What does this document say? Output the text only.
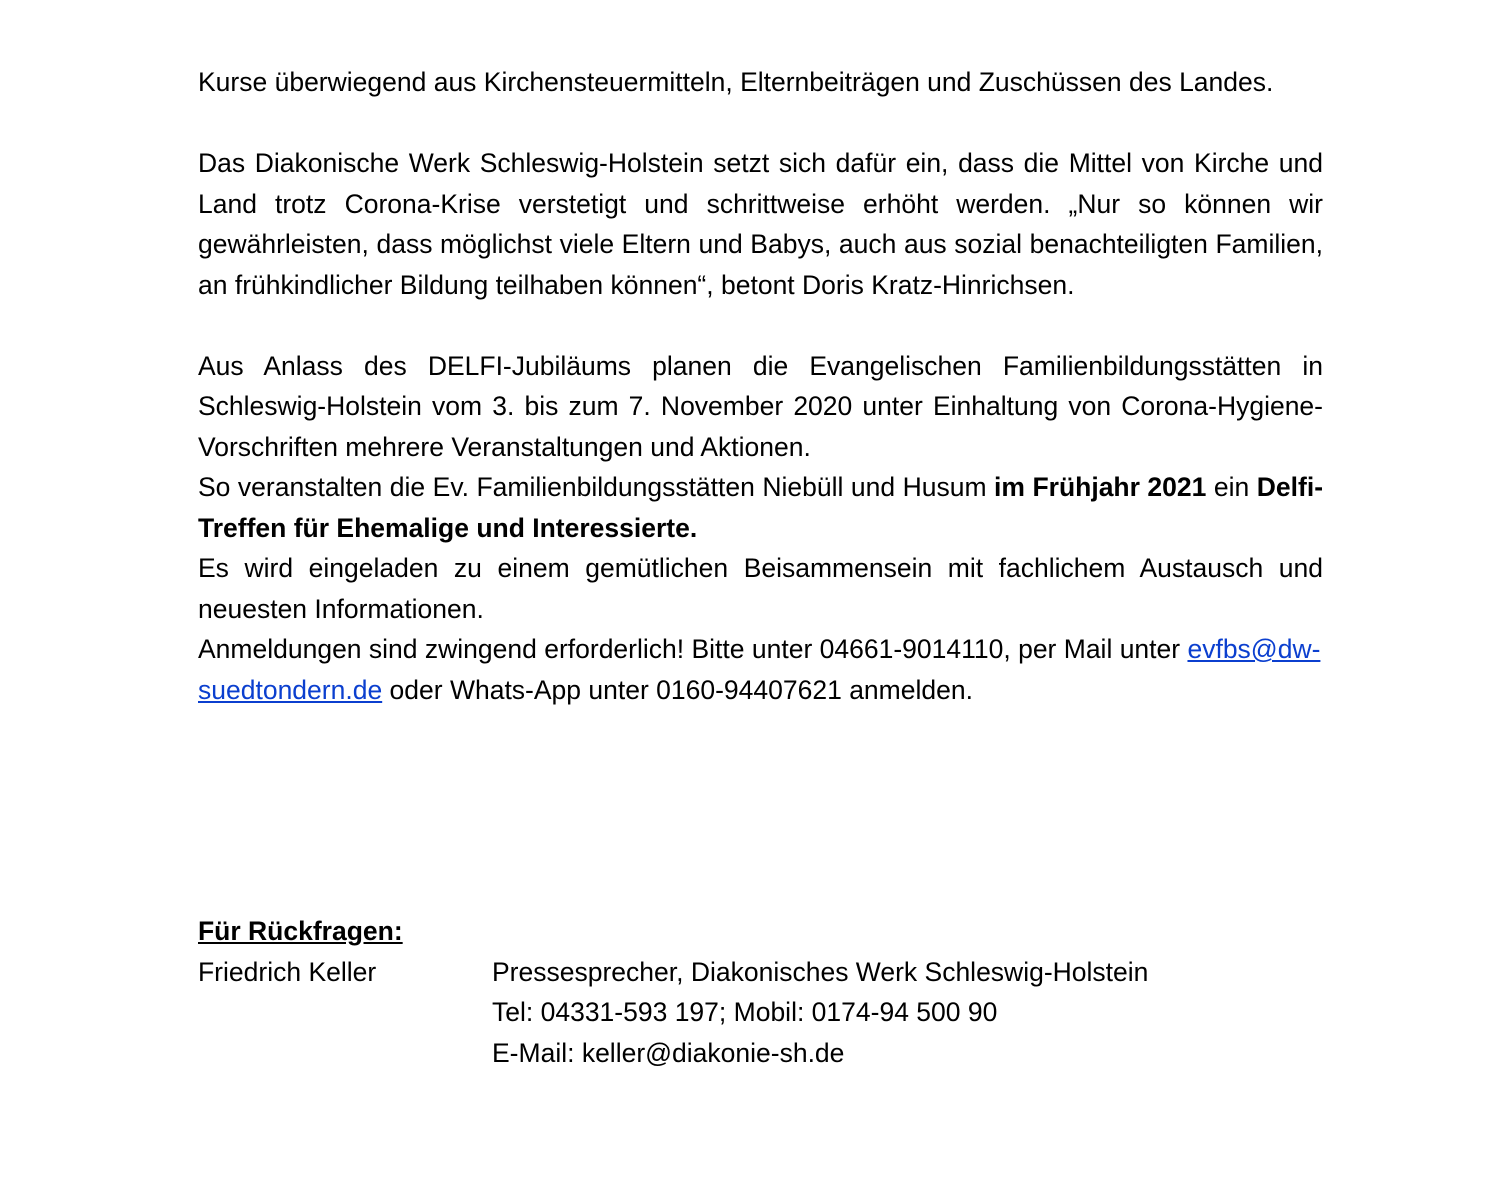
Kurse überwiegend aus Kirchensteuermitteln, Elternbeiträgen und Zuschüssen des Landes.

Das Diakonische Werk Schleswig-Holstein setzt sich dafür ein, dass die Mittel von Kirche und Land trotz Corona-Krise verstetigt und schrittweise erhöht werden. „Nur so können wir gewährleisten, dass möglichst viele Eltern und Babys, auch aus sozial benachteiligten Familien, an frühkindlicher Bildung teilhaben können“, betont Doris Kratz-Hinrichsen.

Aus Anlass des DELFI-Jubiläums planen die Evangelischen Familienbildungsstätten in Schleswig-Holstein vom 3. bis zum 7. November 2020 unter Einhaltung von Corona-Hygiene-Vorschriften mehrere Veranstaltungen und Aktionen.

So veranstalten die Ev. Familienbildungsstätten Niebüll und Husum im Frühjahr 2021 ein Delfi-Treffen für Ehemalige und Interessierte.

Es wird eingeladen zu einem gemütlichen Beisammensein mit fachlichem Austausch und neuesten Informationen.

Anmeldungen sind zwingend erforderlich! Bitte unter 04661-9014110, per Mail unter evfbs@dw-suedtondern.de oder Whats-App unter 0160-94407621 anmelden.

Für Rückfragen:
Friedrich Keller	Pressesprecher, Diakonisches Werk Schleswig-Holstein
Tel: 04331-593 197; Mobil: 0174-94 500 90
E-Mail: keller@diakonie-sh.de
